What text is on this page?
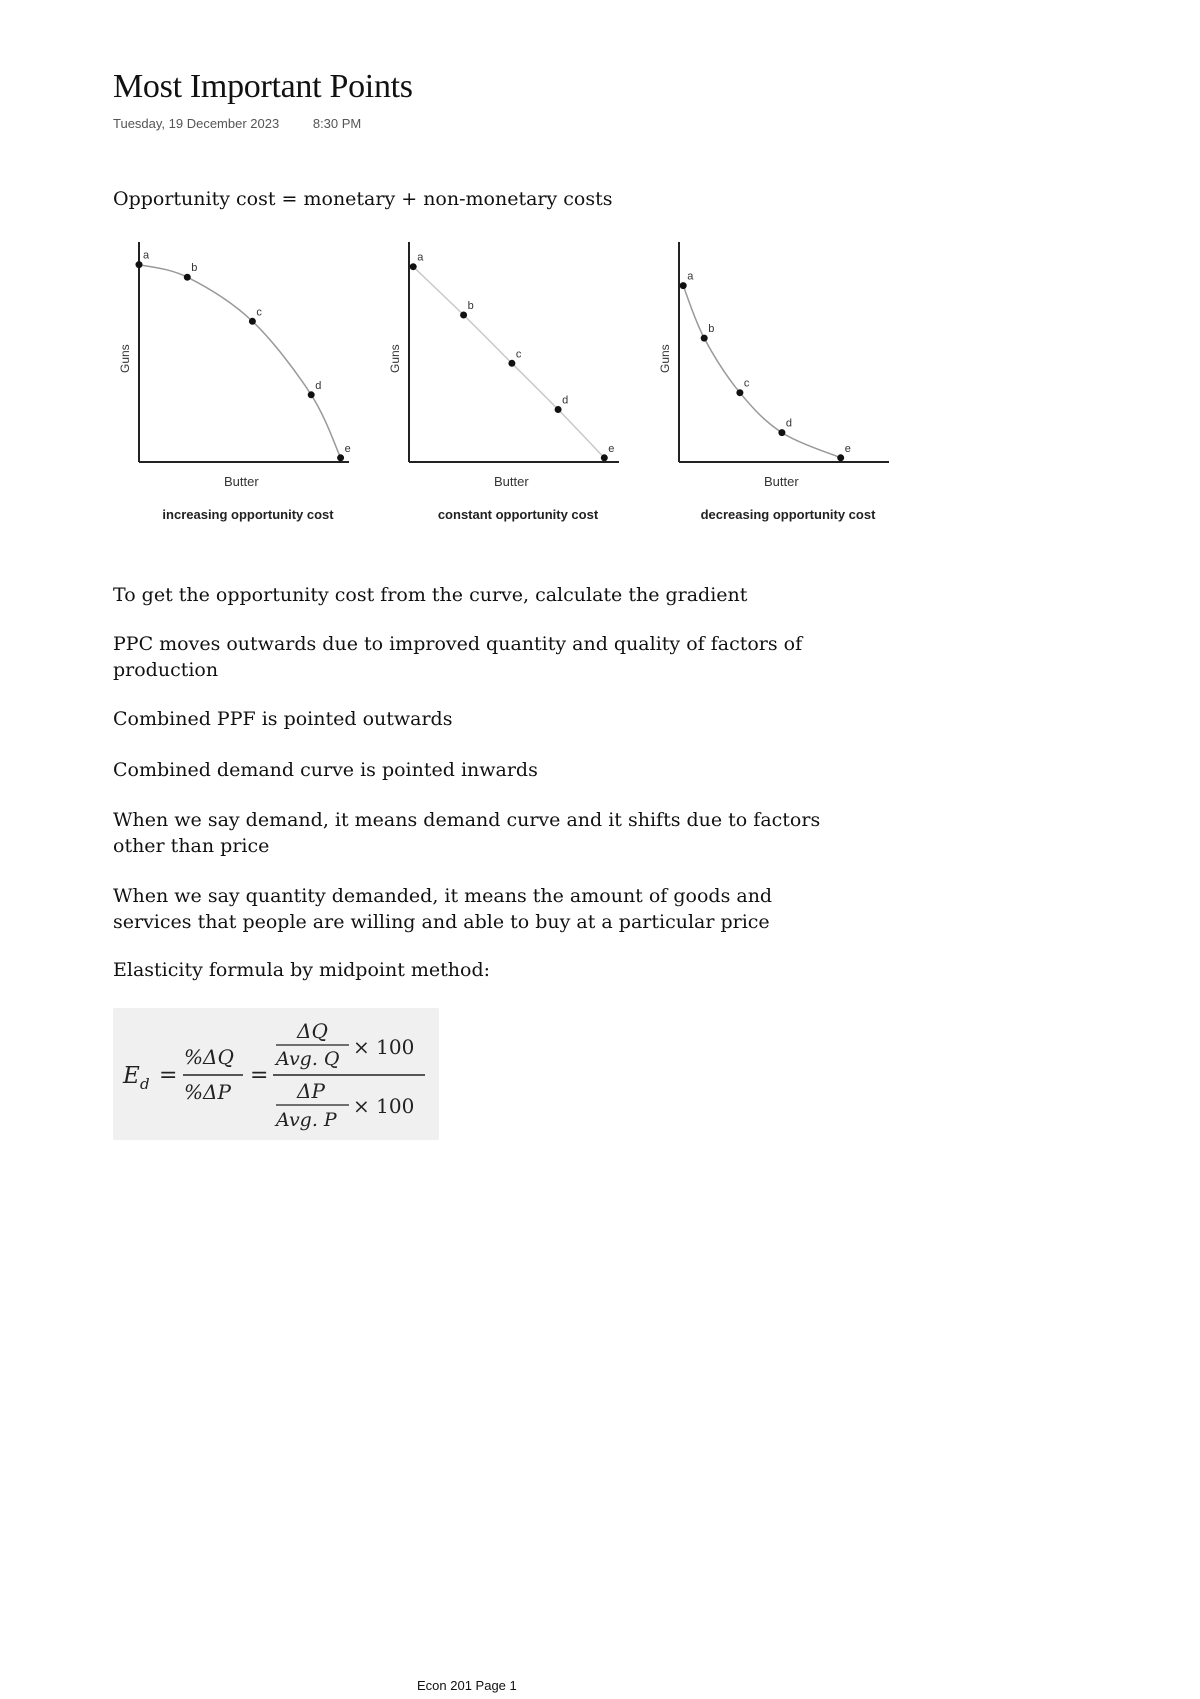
Most Important Points
Tuesday, 19 December 2023	8:30 PM

Opportunity cost = monetary + non-monetary costs

a
b
c
d
e
Guns
Butter
increasing opportunity cost
a
b
c
d
e
Guns
Butter
constant opportunity cost
a
b
c
d
e
Guns
Butter
decreasing opportunity cost

To get the opportunity cost from the curve, calculate the gradient

PPC moves outwards due to improved quantity and quality of factors of production

Combined PPF is pointed outwards

Combined demand curve is pointed inwards

When we say demand, it means demand curve and it shifts due to factors other than price

When we say quantity demanded, it means the amount of goods and services that people are willing and able to buy at a particular price

Elasticity formula by midpoint method:

E d =
%ΔQ
%ΔP
=
ΔQ
Avg. Q × 100
ΔP
Avg. P
× 100

Econ 201 Page 1
